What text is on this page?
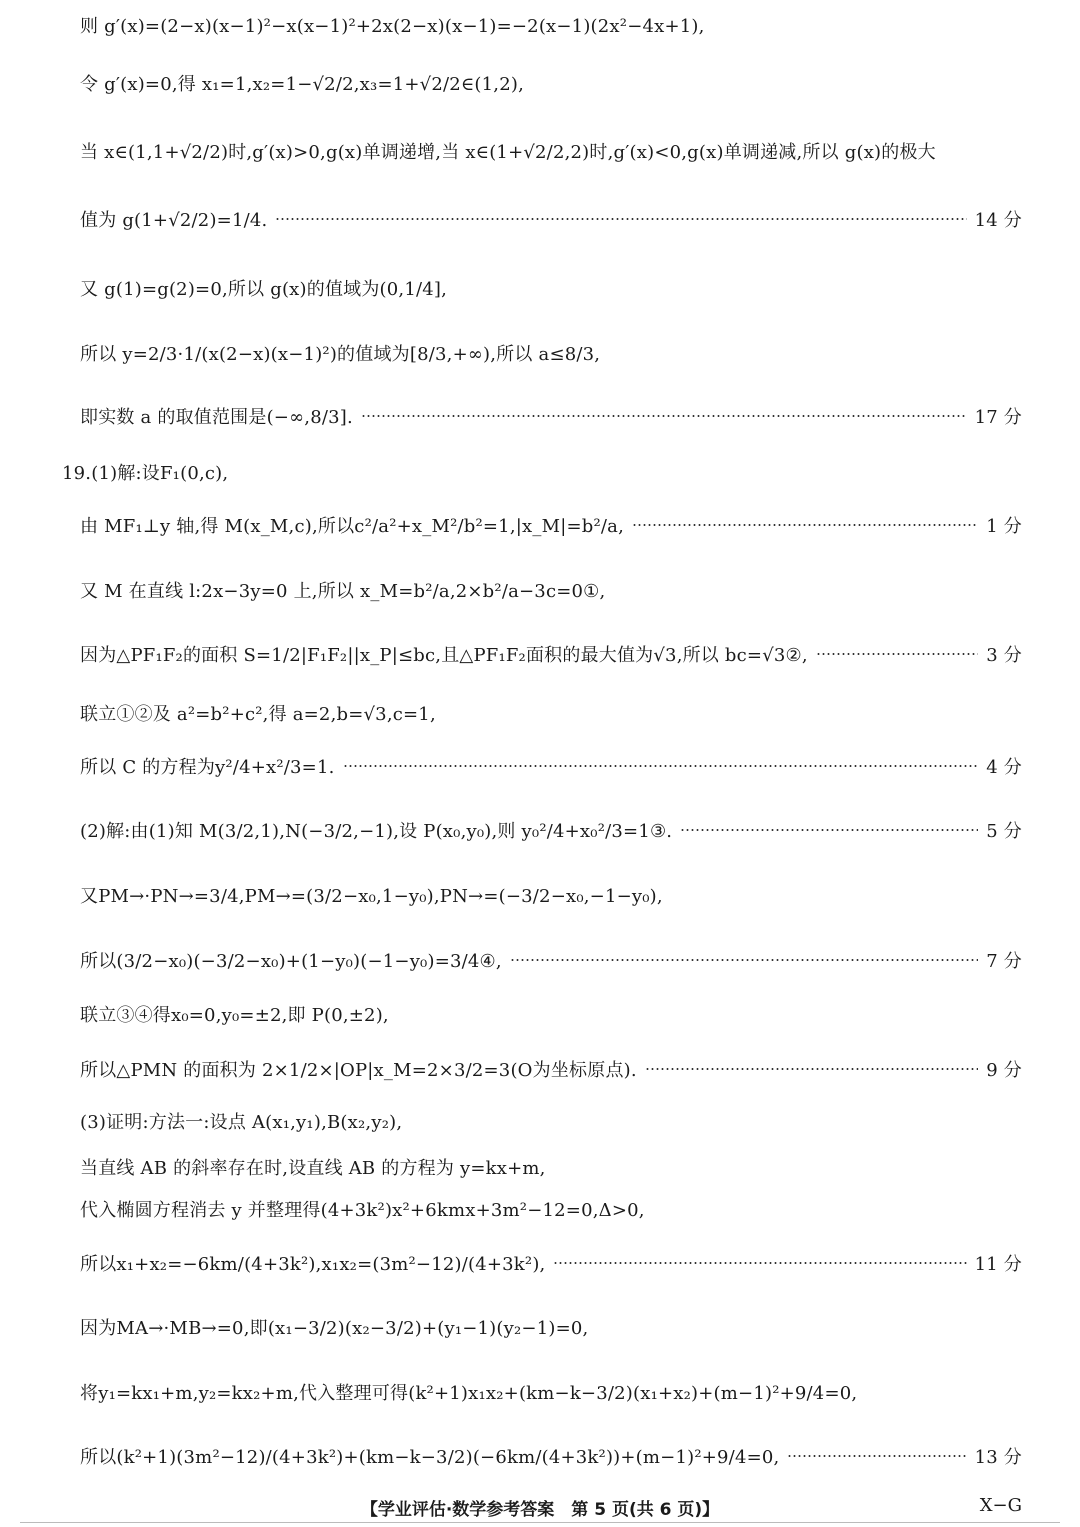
则 g′(x)=(2−x)(x−1)²−x(x−1)²+2x(2−x)(x−1)=−2(x−1)(2x²−4x+1),
令 g′(x)=0,得 x₁=1,x₂=1−√2/2,x₃=1+√2/2∈(1,2),
当 x∈(1,1+√2/2)时,g′(x)>0,g(x)单调递增,当 x∈(1+√2/2,2)时,g′(x)<0,g(x)单调递减,所以 g(x)的极大
值为 g(1+√2/2)=1/4.	14 分
又 g(1)=g(2)=0,所以 g(x)的值域为(0,1/4],
所以 y=2/3·1/(x(2−x)(x−1)²)的值域为[8/3,+∞),所以 a≤8/3,
即实数 a 的取值范围是(−∞,8/3].	17 分
19.(1)解:设F₁(0,c),
由 MF₁⊥y 轴,得 M(x_M,c),所以c²/a²+x_M²/b²=1,|x_M|=b²/a,	1 分
又 M 在直线 l:2x−3y=0 上,所以 x_M=b²/a,2×b²/a−3c=0①,
因为△PF₁F₂的面积 S=1/2|F₁F₂||x_P|≤bc,且△PF₁F₂面积的最大值为√3,所以 bc=√3②,	3 分
联立①②及 a²=b²+c²,得 a=2,b=√3,c=1,
所以 C 的方程为y²/4+x²/3=1.	4 分
(2)解:由(1)知 M(3/2,1),N(−3/2,−1),设 P(x₀,y₀),则 y₀²/4+x₀²/3=1③.	5 分
又PM→·PN→=3/4,PM→=(3/2−x₀,1−y₀),PN→=(−3/2−x₀,−1−y₀),
所以(3/2−x₀)(−3/2−x₀)+(1−y₀)(−1−y₀)=3/4④,	7 分
联立③④得x₀=0,y₀=±2,即 P(0,±2),
所以△PMN 的面积为 2×1/2×|OP|x_M=2×3/2=3(O为坐标原点).	9 分
(3)证明:方法一:设点 A(x₁,y₁),B(x₂,y₂),
当直线 AB 的斜率存在时,设直线 AB 的方程为 y=kx+m,
代入椭圆方程消去 y 并整理得(4+3k²)x²+6kmx+3m²−12=0,Δ>0,
所以x₁+x₂=−6km/(4+3k²),x₁x₂=(3m²−12)/(4+3k²),	11 分
因为MA→·MB→=0,即(x₁−3/2)(x₂−3/2)+(y₁−1)(y₂−1)=0,
将y₁=kx₁+m,y₂=kx₂+m,代入整理可得(k²+1)x₁x₂+(km−k−3/2)(x₁+x₂)+(m−1)²+9/4=0,
所以(k²+1)(3m²−12)/(4+3k²)+(km−k−3/2)(−6km/(4+3k²))+(m−1)²+9/4=0,	13 分
【学业评估·数学参考答案　第 5 页(共 6 页)】	X−G
